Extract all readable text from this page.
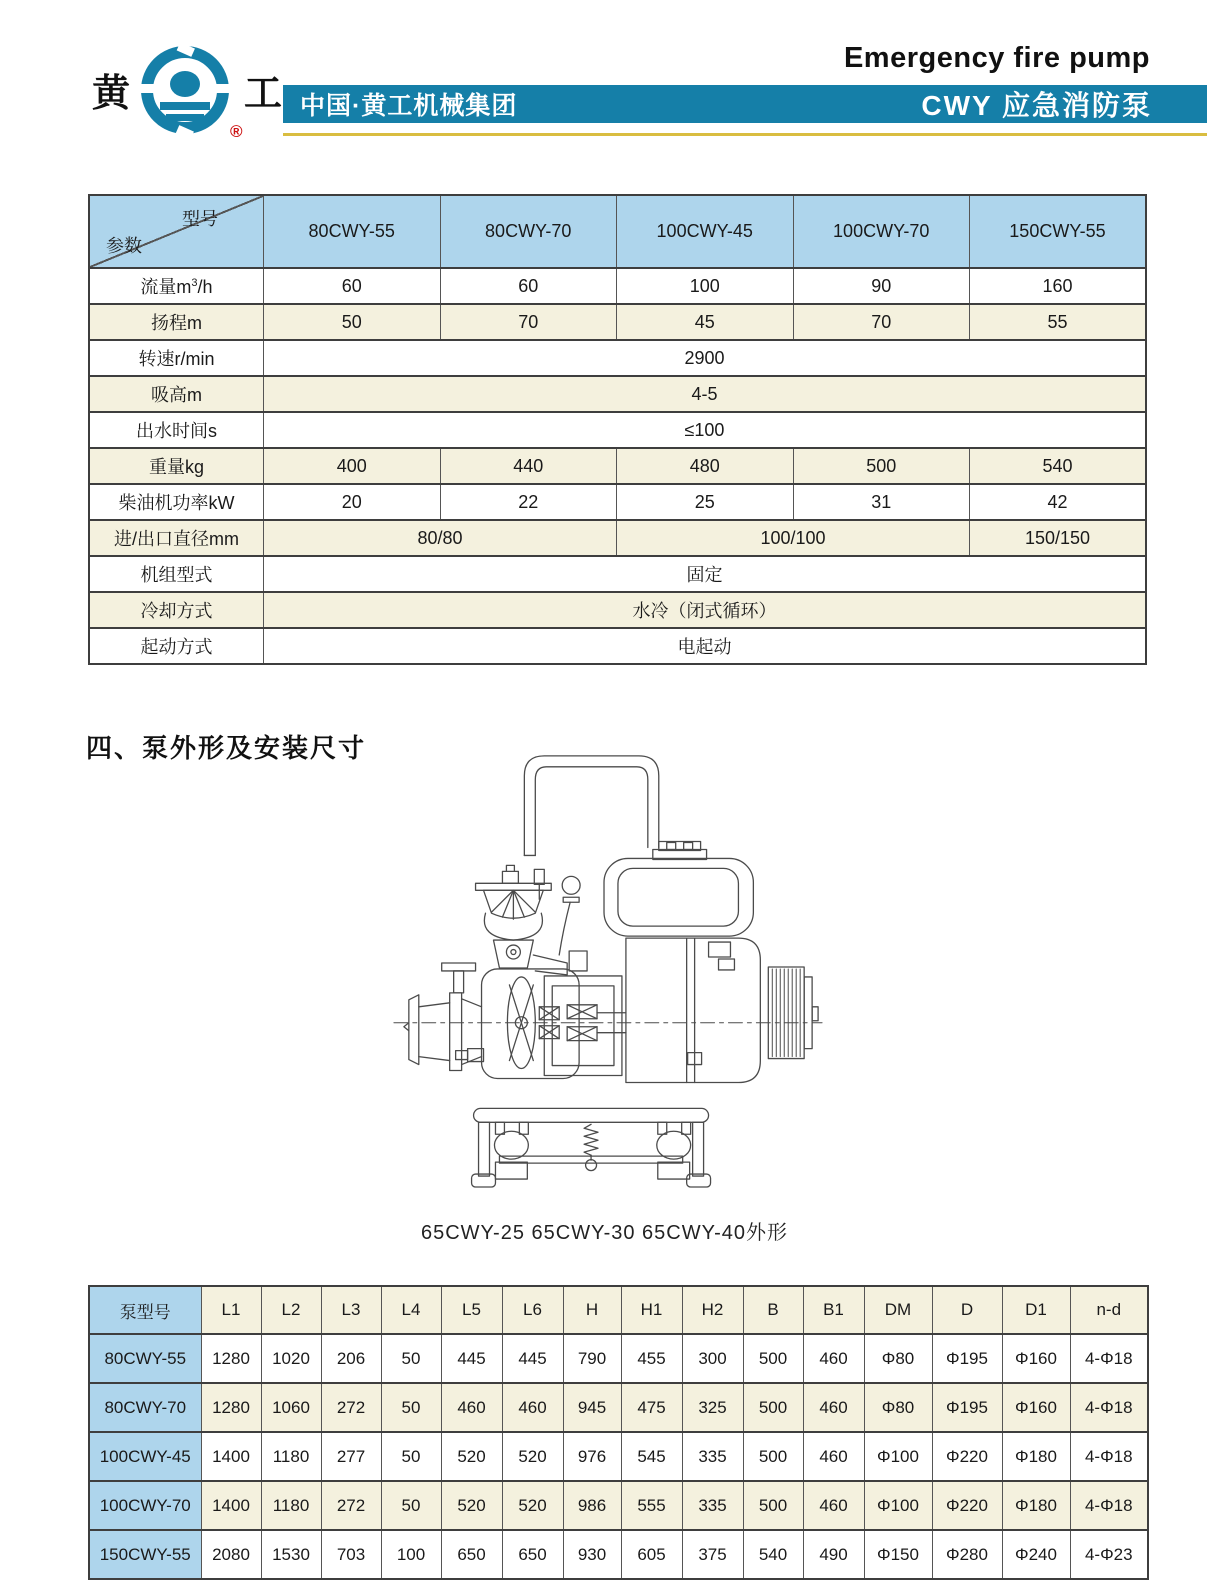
黄	工
®
Emergency fire pump
中国·黄工机械集团	CWY 应急消防泵
型号
参数	80CWY-55	80CWY-70	100CWY-45	100CWY-70	150CWY-55
流量$m^3/h$	60	60	100	90	160
扬程m	50	70	45	70	55
转速r/min	2900				
吸高m	4-5				
出水时间s	≤100				
重量kg	400	440	480	500	540
柴油机功率kW	20	22	25	31	42
进/出口直径mm	80/80		100/100		150/150
机组型式	固定				
冷却方式	水冷（闭式循环）				
起动方式	电起动				
四、泵外形及安装尺寸
65CWY-25 65CWY-30 65CWY-40外形
泵型号	L1	L2	L3	L4	L5	L6	H	H1	H2	B	B1	DM	D	D1	n-d
80CWY-55	1280	1020	206	50	445	445	790	455	300	500	460	Φ80	Φ195	Φ160	4-Φ18
80CWY-70	1280	1060	272	50	460	460	945	475	325	500	460	Φ80	Φ195	Φ160	4-Φ18
100CWY-45	1400	1180	277	50	520	520	976	545	335	500	460	Φ100	Φ220	Φ180	4-Φ18
100CWY-70	1400	1180	272	50	520	520	986	555	335	500	460	Φ100	Φ220	Φ180	4-Φ18
150CWY-55	2080	1530	703	100	650	650	930	605	375	540	490	Φ150	Φ280	Φ240	4-Φ23
